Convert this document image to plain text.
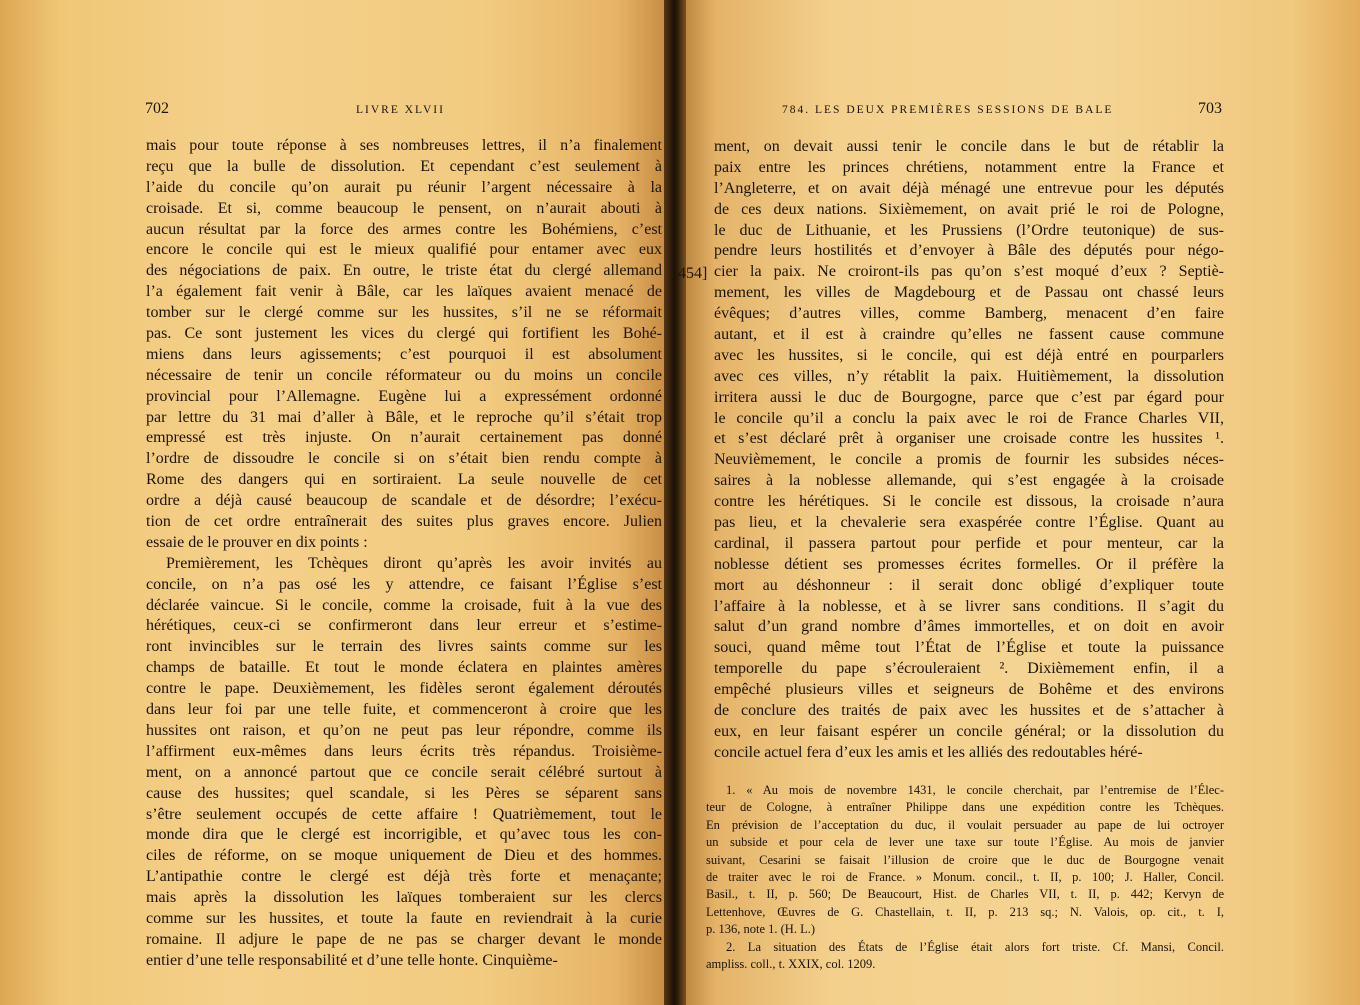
702	LIVRE XLVII
mais pour toute réponse à ses nombreuses lettres, il n’a finalement
reçu que la bulle de dissolution. Et cependant c’est seulement à
l’aide du concile qu’on aurait pu réunir l’argent nécessaire à la
croisade. Et si, comme beaucoup le pensent, on n’aurait abouti à
aucun résultat par la force des armes contre les Bohémiens, c’est
encore le concile qui est le mieux qualifié pour entamer avec eux
des négociations de paix. En outre, le triste état du clergé allemand
l’a également fait venir à Bâle, car les laïques avaient menacé de
tomber sur le clergé comme sur les hussites, s’il ne se réformait
pas. Ce sont justement les vices du clergé qui fortifient les Bohé-
miens dans leurs agissements; c’est pourquoi il est absolument
nécessaire de tenir un concile réformateur ou du moins un concile
provincial pour l’Allemagne. Eugène lui a expressément ordonné
par lettre du 31 mai d’aller à Bâle, et le reproche qu’il s’était trop
empressé est très injuste. On n’aurait certainement pas donné
l’ordre de dissoudre le concile si on s’était bien rendu compte à
Rome des dangers qui en sortiraient. La seule nouvelle de cet
ordre a déjà causé beaucoup de scandale et de désordre; l’exécu-
tion de cet ordre entraînerait des suites plus graves encore. Julien
essaie de le prouver en dix points :
Premièrement, les Tchèques diront qu’après les avoir invités au
concile, on n’a pas osé les y attendre, ce faisant l’Église s’est
déclarée vaincue. Si le concile, comme la croisade, fuit à la vue des
hérétiques, ceux-ci se confirmeront dans leur erreur et s’estime-
ront invincibles sur le terrain des livres saints comme sur les
champs de bataille. Et tout le monde éclatera en plaintes amères
contre le pape. Deuxièmement, les fidèles seront également déroutés
dans leur foi par une telle fuite, et commenceront à croire que les
hussites ont raison, et qu’on ne peut pas leur répondre, comme ils
l’affirment eux-mêmes dans leurs écrits très répandus. Troisième-
ment, on a annoncé partout que ce concile serait célébré surtout à
cause des hussites; quel scandale, si les Pères se séparent sans
s’être seulement occupés de cette affaire ! Quatrièmement, tout le
monde dira que le clergé est incorrigible, et qu’avec tous les con-
ciles de réforme, on se moque uniquement de Dieu et des hommes.
L’antipathie contre le clergé est déjà très forte et menaçante;
mais après la dissolution les laïques tomberaient sur les clercs
comme sur les hussites, et toute la faute en reviendrait à la curie
romaine. Il adjure le pape de ne pas se charger devant le monde
entier d’une telle responsabilité et d’une telle honte. Cinquième-
784. LES DEUX PREMIÈRES SESSIONS DE BALE	703
ment, on devait aussi tenir le concile dans le but de rétablir la
paix entre les princes chrétiens, notamment entre la France et
l’Angleterre, et on avait déjà ménagé une entrevue pour les députés
de ces deux nations. Sixièmement, on avait prié le roi de Pologne,
le duc de Lithuanie, et les Prussiens (l’Ordre teutonique) de sus-
pendre leurs hostilités et d’envoyer à Bâle des députés pour négo-
cier la paix. Ne croiront-ils pas qu’on s’est moqué d’eux ? Septiè-
mement, les villes de Magdebourg et de Passau ont chassé leurs
évêques; d’autres villes, comme Bamberg, menacent d’en faire
autant, et il est à craindre qu’elles ne fassent cause commune
avec les hussites, si le concile, qui est déjà entré en pourparlers
avec ces villes, n’y rétablit la paix. Huitièmement, la dissolution
irritera aussi le duc de Bourgogne, parce que c’est par égard pour
le concile qu’il a conclu la paix avec le roi de France Charles VII,
et s’est déclaré prêt à organiser une croisade contre les hussites ¹.
Neuvièmement, le concile a promis de fournir les subsides néces-
saires à la noblesse allemande, qui s’est engagée à la croisade
contre les hérétiques. Si le concile est dissous, la croisade n’aura
pas lieu, et la chevalerie sera exaspérée contre l’Église. Quant au
cardinal, il passera partout pour perfide et pour menteur, car la
noblesse détient ses promesses écrites formelles. Or il préfère la
mort au déshonneur : il serait donc obligé d’expliquer toute
l’affaire à la noblesse, et à se livrer sans conditions. Il s’agit du
salut d’un grand nombre d’âmes immortelles, et on doit en avoir
souci, quand même tout l’État de l’Église et toute la puissance
temporelle du pape s’écrouleraient ². Dixièmement enfin, il a
empêché plusieurs villes et seigneurs de Bohême et des environs
de conclure des traités de paix avec les hussites et de s’attacher à
eux, en leur faisant espérer un concile général; or la dissolution du
concile actuel fera d’eux les amis et les alliés des redoutables héré-
1. « Au mois de novembre 1431, le concile cherchait, par l’entremise de l’Élec-
teur de Cologne, à entraîner Philippe dans une expédition contre les Tchèques.
En prévision de l’acceptation du duc, il voulait persuader au pape de lui octroyer
un subside et pour cela de lever une taxe sur toute l’Église. Au mois de janvier
suivant, Cesarini se faisait l’illusion de croire que le duc de Bourgogne venait
de traiter avec le roi de France. » Monum. concil., t. II, p. 100; J. Haller, Concil.
Basil., t. II, p. 560; De Beaucourt, Hist. de Charles VII, t. II, p. 442; Kervyn de
Lettenhove, Œuvres de G. Chastellain, t. II, p. 213 sq.; N. Valois, op. cit., t. I,
p. 136, note 1. (H. L.)
2. La situation des États de l’Église était alors fort triste. Cf. Mansi, Concil.
ampliss. coll., t. XXIX, col. 1209.
454]
